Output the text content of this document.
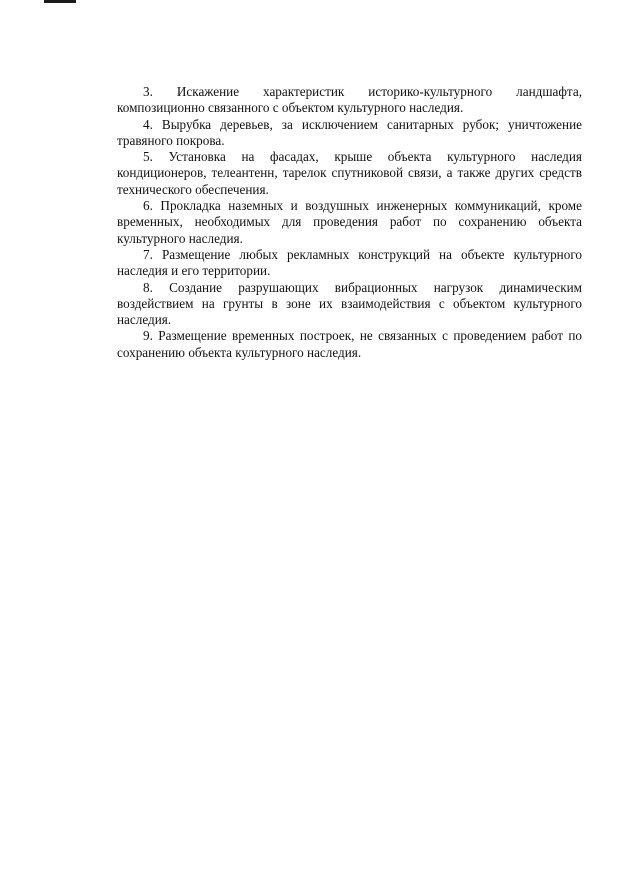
3. Искажение характеристик историко-культурного ландшафта, композиционно связанного с объектом культурного наследия.

4. Вырубка деревьев, за исключением санитарных рубок; уничтожение травяного покрова.

5. Установка на фасадах, крыше объекта культурного наследия кондиционеров, телеантенн, тарелок спутниковой связи, а также других средств технического обеспечения.

6. Прокладка наземных и воздушных инженерных коммуникаций, кроме временных, необходимых для проведения работ по сохранению объекта культурного наследия.

7. Размещение любых рекламных конструкций на объекте культурного наследия и его территории.

8. Создание разрушающих вибрационных нагрузок динамическим воздействием на грунты в зоне их взаимодействия с объектом культурного наследия.

9. Размещение временных построек, не связанных с проведением работ по сохранению объекта культурного наследия.
